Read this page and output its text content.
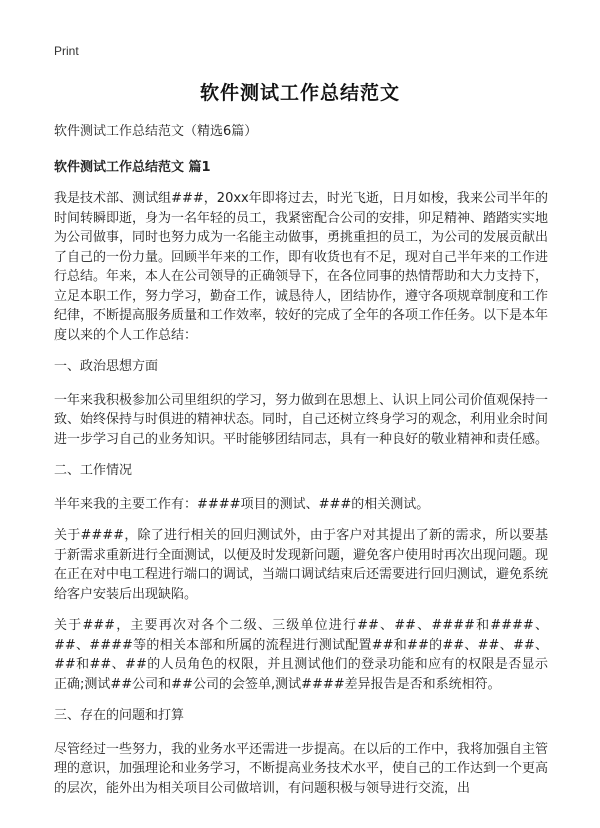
Print
软件测试工作总结范文

软件测试工作总结范文（精选6篇）

软件测试工作总结范文 篇1

我是技术部、测试组###，20xx年即将过去，时光飞逝，日月如梭，我来公司半年的时间转瞬即逝，身为一名年轻的员工，我紧密配合公司的安排，卯足精神、踏踏实实地为公司做事，同时也努力成为一名能主动做事，勇挑重担的员工，为公司的发展贡献出了自己的一份力量。回顾半年来的工作，即有收货也有不足，现对自己半年来的工作进行总结。年来，本人在公司领导的正确领导下，在各位同事的热情帮助和大力支持下，立足本职工作，努力学习，勤奋工作，诚恳待人，团结协作，遵守各项规章制度和工作纪律，不断提高服务质量和工作效率，较好的完成了全年的各项工作任务。以下是本年度以来的个人工作总结：

一、政治思想方面

一年来我积极参加公司里组织的学习，努力做到在思想上、认识上同公司价值观保持一致、始终保持与时俱进的精神状态。同时，自己还树立终身学习的观念，利用业余时间进一步学习自己的业务知识。平时能够团结同志，具有一种良好的敬业精神和责任感。

二、工作情况

半年来我的主要工作有：####项目的测试、###的相关测试。

关于####，除了进行相关的回归测试外，由于客户对其提出了新的需求，所以要基于新需求重新进行全面测试，以便及时发现新问题，避免客户使用时再次出现问题。现在正在对中电工程进行端口的调试，当端口调试结束后还需要进行回归测试，避免系统给客户安装后出现缺陷。

关于###，主要再次对各个二级、三级单位进行##、##、####和####、##、####等的相关本部和所属的流程进行测试配置##和##的##、##、##、##和##、##的人员角色的权限，并且测试他们的登录功能和应有的权限是否显示正确;测试##公司和##公司的会签单,测试####差异报告是否和系统相符。

三、存在的问题和打算

尽管经过一些努力，我的业务水平还需进一步提高。在以后的工作中，我将加强自主管理的意识，加强理论和业务学习，不断提高业务技术水平，使自己的工作达到一个更高的层次，能外出为相关项目公司做培训，有问题积极与领导进行交流，出
